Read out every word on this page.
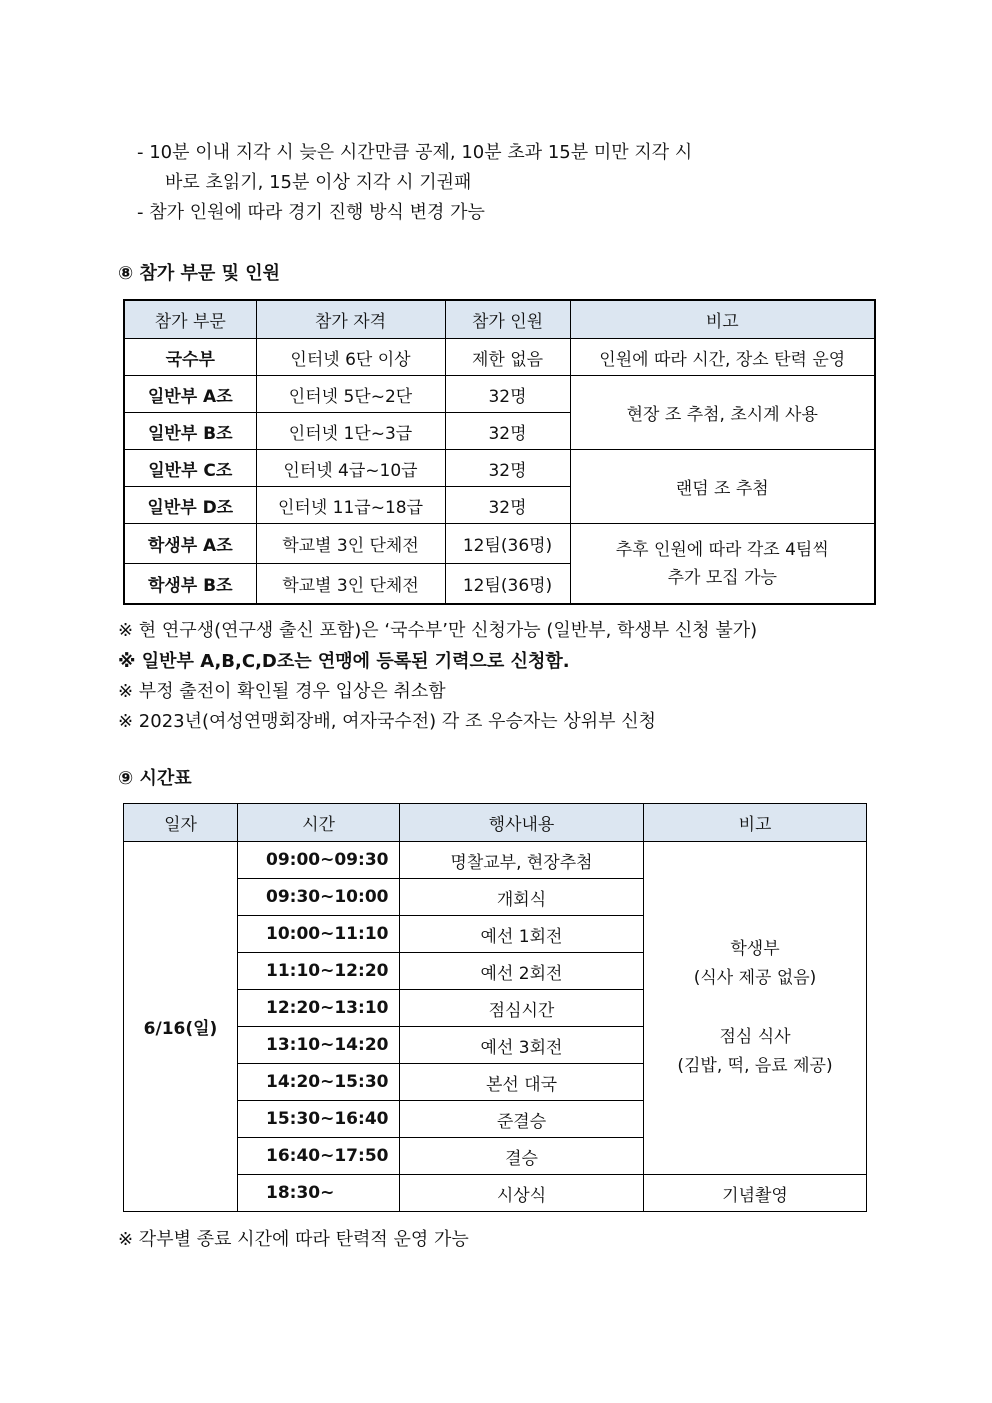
- 10분 이내 지각 시 늦은 시간만큼 공제, 10분 초과 15분 미만 지각 시
바로 초읽기, 15분 이상 지각 시 기권패
- 참가 인원에 따라 경기 진행 방식 변경 가능
⑧ 참가 부문 및 인원
참가 부문	참가 자격	참가 인원	비고
국수부	인터넷 6단 이상	제한 없음	인원에 따라 시간, 장소 탄력 운영
일반부 A조	인터넷 5단~2단	32명	현장 조 추첨, 초시계 사용
일반부 B조	인터넷 1단~3급	32명	
일반부 C조	인터넷 4급~10급	32명	랜덤 조 추첨
일반부 D조	인터넷 11급~18급	32명	
학생부 A조	학교별 3인 단체전	12팀(36명)	추후 인원에 따라 각조 4팀씩
추가 모집 가능
학생부 B조	학교별 3인 단체전	12팀(36명)	
※ 현 연구생(연구생 출신 포함)은 ‘국수부’만 신청가능 (일반부, 학생부 신청 불가)
※ 일반부 A,B,C,D조는 연맹에 등록된 기력으로 신청함.
※ 부정 출전이 확인될 경우 입상은 취소함
※ 2023년(여성연맹회장배, 여자국수전) 각 조 우승자는 상위부 신청
⑨ 시간표
일자	시간	행사내용	비고
6/16(일)	09:00~09:30	명찰교부, 현장추첨	학생부
(식사 제공 없음)
점심 식사
(김밥, 떡, 음료 제공)

	09:30~10:00	개회식	
	10:00~11:10	예선 1회전	
	11:10~12:20	예선 2회전	
	12:20~13:10	점심시간	
	13:10~14:20	예선 3회전	
	14:20~15:30	본선 대국	
	15:30~16:40	준결승	
	16:40~17:50	결승	
	18:30~	시상식	기념촬영
※ 각부별 종료 시간에 따라 탄력적 운영 가능
